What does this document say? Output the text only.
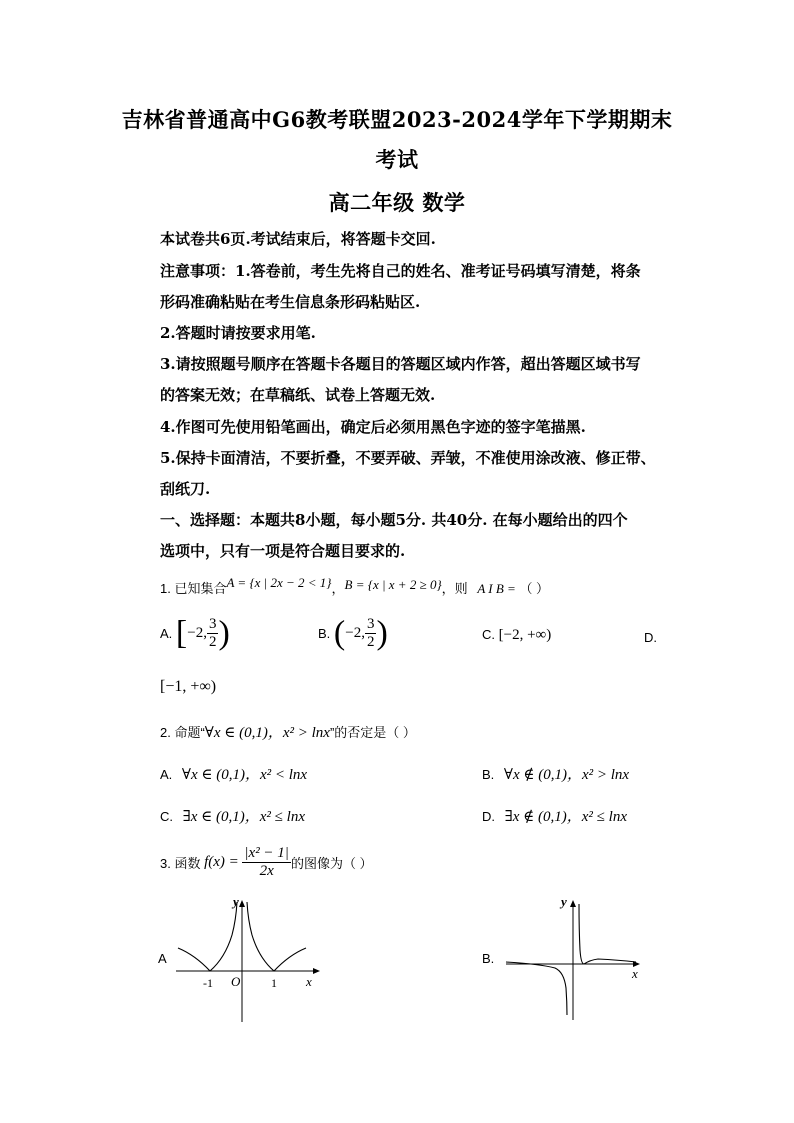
吉林省普通高中G6教考联盟2023-2024学年下学期期末
考试
高二年级 数学
本试卷共6页.考试结束后，将答题卡交回.
注意事项：1.答卷前，考生先将自己的姓名、准考证号码填写清楚，将条
形码准确粘贴在考生信息条形码粘贴区.
2.答题时请按要求用笔.
3.请按照题号顺序在答题卡各题目的答题区域内作答，超出答题区域书写
的答案无效；在草稿纸、试卷上答题无效.
4.作图可先使用铅笔画出，确定后必须用黑色字迹的签字笔描黑.
5.保持卡面清洁，不要折叠，不要弄破、弄皱，不准使用涂改液、修正带、
刮纸刀.
一、选择题：本题共8小题，每小题5分. 共40分. 在每小题给出的四个
选项中，只有一项是符合题目要求的.
1. 已知集合A = {x | 2x − 2 < 1}，B = {x | x + 2 ≥ 0}，则 A I B = （ ）
A. [−2, $\frac{3}{2}$ )	B. (−2, $\frac{3}{2}$ )	C. [−2, +∞)	D.
[−1, +∞)
2. 命题“∀x ∈ (0,1)，x² > lnx”的否定是（ ）
A. ∀x ∈ (0,1)，x² < lnx	B. ∀x ∉ (0,1)，x² > lnx
C. ∃x ∈ (0,1)，x² ≤ lnx	D. ∃x ∉ (0,1)，x² ≤ lnx
3. 函数 $f(x) = \frac{\text{|x² − 1|}}{2x}$ 的图像为（ ）
A
y
x
O
-1	1
B.
y
x
